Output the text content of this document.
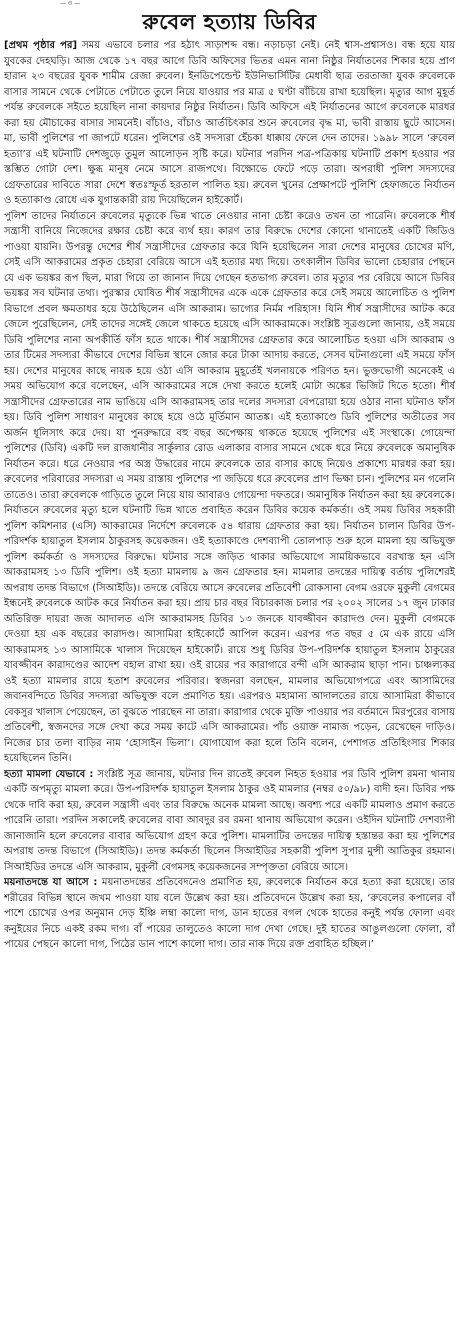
— ও —
রুবেল হত্যায় ডিবির

[প্রথম পৃষ্ঠার পর] সময় এভাবে চলার পর হঠাৎ সাড়াশব্দ বন্ধ। নড়াচড়া নেই। নেই শ্বাস-প্রশ্বাসও। বন্ধ হয়ে যায় যুবকের দেহঘড়ি। আজ থেকে ১৭ বছর আগে ডিবি অফিসের ভিতর এমন নানা নিষ্ঠুর নির্যাতনের শিকার হয়ে প্রাণ হারান ২৩ বছরের যুবক শামীম রেজা রুবেল। ইনডিপেন্ডেন্ট ইউনিভার্সিটির মেধাবী ছাত্র তরতাজা যুবক রুবেলকে বাসার সামনে থেকে পেটাতে পেটাতে তুলে নিয়ে যাওয়ার পর মাত্র ৫ ঘণ্টা বাঁচিয়ে রাখা হয়েছিল। মৃত্যুর আগ মুহূর্ত পর্যন্ত রুবেলকে সইতে হয়েছিল নানা কায়দার নিষ্ঠুর নির্যাতন। ডিবি অফিসে এই নির্যাতনের আগে রুবেলকে মারধর করা হয় মৌচাকের বাসার সামনেই। বাঁচাও, বাঁচাও আর্তচিৎকার শুনে রুবেলের বৃদ্ধ মা, ভাবী রাস্তায় ছুটে আসেন। মা, ভাবী পুলিশের পা জাপটে ধরেন। পুলিশের ওই সদস্যরা হেঁচকা ধাক্কায় ফেলে দেন তাদের। ১৯৯৮ সালে ‘রুবেল হত্যা’র এই ঘটনাটি দেশজুড়ে তুমুল আলোড়ন সৃষ্টি করে। ঘটনার পরদিন পত্র-পত্রিকায় ঘটনাটি প্রকাশ হওয়ার পর স্তম্ভিত গোটা দেশ। ক্ষুব্ধ মানুষ নেমে আসে রাজপথে। বিক্ষোভে ফেটে পড়ে তারা। অপরাধী পুলিশ সদস্যদের গ্রেফতারের দাবিতে সারা দেশে স্বতঃস্ফূর্ত হরতাল পালিত হয়। রুবেল খুনের প্রেক্ষাপটে পুলিশি হেফাজতে নির্যাতন ও হত্যাকাণ্ড রোধে এক যুগান্তকারী রায় দিয়েছিলেন হাইকোর্ট।

পুলিশ তাদের নির্যাতনে রুবেলের মৃত্যুকে ভিন্ন খাতে নেওয়ার নানা চেষ্টা করেও তখন তা পারেনি। রুবেলকে শীর্ষ সন্ত্রাসী বানিয়ে নিজেদের রক্ষার চেষ্টা করে ব্যর্থ হয়। কারণ তার বিরুদ্ধে দেশের কোনো থানাতেই একটি জিডিও পাওয়া যায়নি। উপরন্তু দেশের শীর্ষ সন্ত্রাসীদের গ্রেফতার করে যিনি হয়েছিলেন সারা দেশের মানুষের চোখের মণি, সেই এসি আকরামের প্রকৃত চেহারা বেরিয়ে আসে এই হত্যার মধ্য দিয়ে। তৎকালীন ডিবির ভালো চেহারার পেছনে যে এক ভয়ঙ্কর রূপ ছিল, মারা গিয়ে তা জানান দিয়ে গেছেন হতভাগ্য রুবেল। তার মৃত্যুর পর বেরিয়ে আসে ডিবির ভয়ঙ্কর সব ঘটনার তথ্য। পুরস্কার ঘোষিত শীর্ষ সন্ত্রাসীদের একে একে গ্রেফতার করে সেই সময়ে আলোচিত ও পুলিশ বিভাগে প্রবল ক্ষমতাধর হয়ে উঠেছিলেন এসি আকরাম। ভাগ্যের নির্মম পরিহাস! যিনি শীর্ষ সন্ত্রাসীদের আটক করে জেলে পুরেছিলেন, সেই তাদের সঙ্গেই জেলে থাকতে হয়েছে এসি আকরামকে। সংশ্লিষ্ট সূত্রগুলো জানায়, ওই সময়ে ডিবি পুলিশের নানা অপকীর্তি ফাঁস হতে থাকে। শীর্ষ সন্ত্রাসীদের গ্রেফতার করে আলোচিত হওয়া এসি আকরাম ও তার টিমের সদস্যরা কীভাবে দেশের বিভিন্ন স্থানে জোর করে টাকা আদায় করতে, সেসব ঘটনাগুলো এই সময়ে ফাঁস হয়। দেশের মানুষের কাছে নায়ক হয়ে ওঠা এসি আকরাম মুহূর্তেই খলনায়কে পরিণত হন। ভুক্তভোগী অনেকেই এ সময় অভিযোগ করে বলেছেন, এসি আকরামের সঙ্গে দেখা করতে হলেই মোটা অঙ্কের ভিজিট দিতে হতো। শীর্ষ সন্ত্রাসীদের গ্রেফতারের নাম ভাঙিয়ে এসি আকরামসহ তার দলের সদস্যরা বেপরোয়া হয়ে ওঠার নানা ঘটনাও ফাঁস হয়। ডিবি পুলিশ সাধারণ মানুষের কাছে হয়ে ওঠে মূর্তিমান আতঙ্ক। এই হত্যাকাণ্ডে ডিবি পুলিশের অতীতের সব অর্জন ধূলিসাৎ করে দেয়। যা পুনরুদ্ধারে বহু বছর অপেক্ষায় থাকতে হয়েছে পুলিশের এই সংস্থাকে। গোয়েন্দা পুলিশের (ডিবি) একটি দল রাজধানীর সার্কুলার রোড এলাকার বাসার সামনে থেকে ধরে নিয়ে রুবেলকে অমানুষিক নির্যাতন করে। ধরে নেওয়ার পর অস্ত্র উদ্ধারের নামে রুবেলকে তার বাসার কাছে নিয়েও প্রকাশ্যে মারধর করা হয়। রুবেলের পরিবারের সদস্যরা এ সময় রাস্তায় পুলিশের পা জড়িয়ে ধরে রুবেলের প্রাণ ভিক্ষা চান। পুলিশের মন গলেনি তাতেও। তারা রুবেলকে গাড়িতে তুলে নিয়ে যায় আবারও গোয়েন্দা দফতরে। অমানুষিক নির্যাতন করা হয় রুবেলকে। নির্যাতনে রুবেলের মৃত্যু হলে ঘটনাটি ভিন্ন খাতে প্রবাহিত করেন ডিবির কয়েক কর্মকর্তা। ওই সময় ডিবির সহকারী পুলিশ কমিশনার (এসি) আকরামের নির্দেশে রুবেলকে ৫৪ ধারায় গ্রেফতার করা হয়। নির্যাতন চালান ডিবির উপ-পরিদর্শক হায়াতুল ইসলাম ঠাকুরসহ কয়েকজন। ওই হত্যাকাণ্ডে দেশব্যাপী তোলপাড় শুরু হলে মামলা হয় অভিযুক্ত পুলিশ কর্মকর্তা ও সদস্যদের বিরুদ্ধে। ঘটনার সঙ্গে জড়িত থাকার অভিযোগে সাময়িকভাবে বরখাস্ত হন এসি আকরামসহ ১৩ ডিবি পুলিশ। ওই হত্যা মামলায় ৯ জন গ্রেফতার হন। মামলার তদন্তের দায়িত্ব বর্তায় পুলিশেরই অপরাধ তদন্ত বিভাগে (সিআইডি)। তদন্তে বেরিয়ে আসে রুবেলের প্রতিবেশী রোকসানা বেগম ওরফে মুকুলী বেগমের ইন্ধনেই রুবেলকে আটক করে নির্যাতন করা হয়। প্রায় চার বছর বিচারকাজ চলার পর ২০০২ সালের ১৭ জুন ঢাকার অতিরিক্ত দায়রা জজ আদালত এসি আকরামসহ ডিবির ১৩ জনকে যাবজ্জীবন কারাদণ্ড দেন। মুকুলী বেগমকে দেওয়া হয় এক বছরের কারাদণ্ড। আসামিরা হাইকোর্টে আপিল করেন। এরপর গত বছর ৫ মে এক রায়ে এসি আকরামসহ ১৩ আসামিকে খালাস দিয়েছেন হাইকোর্ট। রায়ে শুধু ডিবির উপ-পরিদর্শক হায়াতুল ইসলাম ঠাকুরের যাবজ্জীবন কারাদণ্ডের আদেশ বহাল রাখা হয়। ওই রায়ের পর কারাগারে বন্দী এসি আকরাম ছাড়া পান। চাঞ্চল্যকর ওই হত্যা মামলার রায়ে হতাশ রুবেলের পরিবার। স্বজনরা বলছেন, মামলার অভিযোগপত্রে এবং আসামিদের জবানবন্দিতে ডিবির সদস্যরা অভিযুক্ত বলে প্রমাণিত হয়। এরপরও মহামান্য আদালতের রায়ে আসামিরা কীভাবে বেকসুর খালাস পেয়েছেন, তা বুঝতে পারছেন না তারা। কারাগার থেকে মুক্তি পাওয়ার পর বর্তমানে মিরপুরের বাসায় প্রতিবেশী, স্বজনদের সঙ্গে দেখা করে সময় কাটে এসি আকরামের। পাঁচ ওয়াক্ত নামাজ পড়েন, রেখেছেন দাড়িও। নিজের চার তলা বাড়ির নাম ‘হোসাইন ভিলা’। যোগাযোগ করা হলে তিনি বলেন, পেশাগত প্রতিহিংসার শিকার হয়েছিলেন তিনি।

হত্যা মামলা যেভাবে : সংশ্লিষ্ট সূত্র জানায়, ঘটনার দিন রাতেই রুবেল নিহত হওয়ার পর ডিবি পুলিশ রমনা থানায় একটি অপমৃত্যু মামলা করে। উপ-পরিদর্শক হায়াতুল ইসলাম ঠাকুর ওই মামলার (নম্বর ৫০/৯৮) বাদী হন। ডিবির পক্ষ থেকে দাবি করা হয়, রুবেল সন্ত্রাসী এবং তার বিরুদ্ধে অনেক মামলা আছে। অবশ্য পরে একটি মামলাও প্রমাণ করতে পারেনি তারা। পরদিন সকালেই রুবেলের বাবা আবদুর রব রমনা থানায় অভিযোগ করেন। ওইদিন ঘটনাটি দেশব্যাপী জানাজানি হলে রুবেলের বাবার অভিযোগ গ্রহণ করে পুলিশ। মামলাটির তদন্তের দায়িত্ব হস্তান্তর করা হয় পুলিশের অপরাধ তদন্ত বিভাগে (সিআইডি)। তদন্ত কর্মকর্তা ছিলেন সিআইডির সহকারী পুলিশ সুপার মুন্সী আতিকুর রহমান। সিআইডির তদন্তে এসি আকরাম, মুকুলী বেগমসহ কয়েকজনের সম্পৃক্ততা বেরিয়ে আসে।

ময়নাতদন্তে যা আসে : ময়নাতদন্তের প্রতিবেদনেও প্রমাণিত হয়, রুবেলকে নির্যাতন করে হত্যা করা হয়েছে। তার শরীরের বিভিন্ন স্থানে জখম পাওয়া যায় বলে উল্লেখ করা হয়। প্রতিবেদনে উল্লেখ করা হয়, ‘রুবেলের কপালের বাঁ পাশে চোখের ওপর অনুমান দেড় ইঞ্চি লম্বা কালো দাগ, ডান হাতের বগল থেকে হাতের কনুই পর্যন্ত ফোলা এবং কনুইয়ের নিচে একই রকম দাগ। বাঁ পায়ের তালুতেও কালো দাগ দেখা গেছে। দুই হাতের আঙুলগুলো ফোলা, বাঁ পায়ের পেছনে কালো দাগ, পিঠের ডান পাশে কালো দাগ। তার নাক দিয়ে রক্ত প্রবাহিত হচ্ছিল।’
